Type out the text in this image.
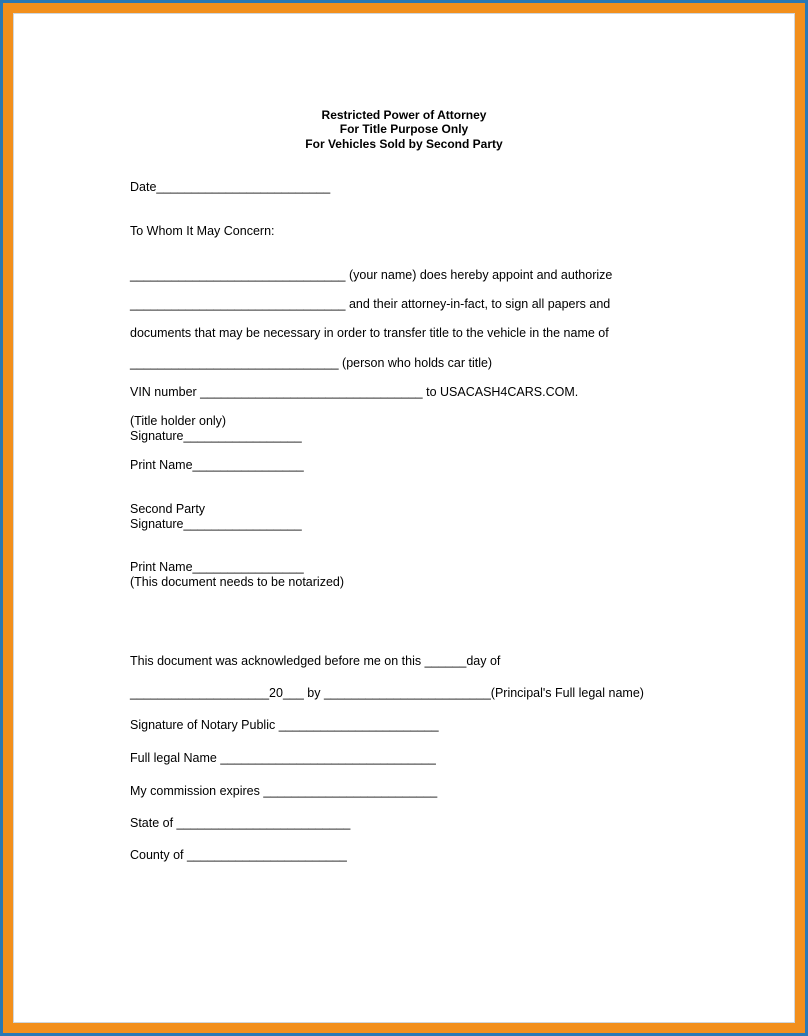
Restricted Power of Attorney
For Title Purpose Only
For Vehicles Sold by Second Party
Date_________________________
To Whom It May Concern:
_______________________________ (your name) does hereby appoint and authorize
_______________________________ and their attorney-in-fact, to sign all papers and
documents that may be necessary in order to transfer title to the vehicle in the name of
______________________________ (person who holds car title)
VIN number ________________________________ to USACASH4CARS.COM.
(Title holder only)
Signature_________________
Print Name________________
Second Party
Signature_________________
Print Name________________
(This document needs to be notarized)
This document was acknowledged before me on this ______day of
____________________20___ by ________________________(Principal's Full legal name)
Signature of Notary Public _______________________
Full legal Name _______________________________
My commission expires _________________________
State of _________________________
County of _______________________
